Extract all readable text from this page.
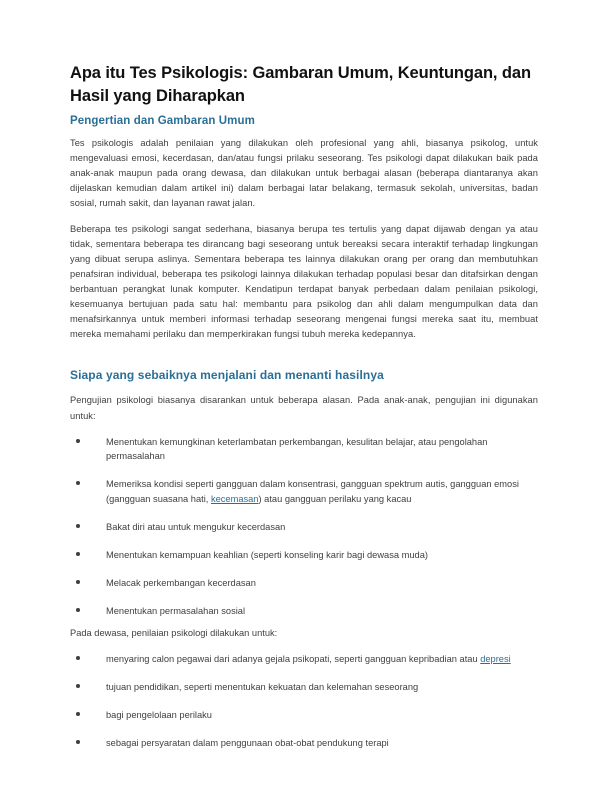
Apa itu Tes Psikologis: Gambaran Umum, Keuntungan, dan Hasil yang Diharapkan
Pengertian dan Gambaran Umum

Tes psikologis adalah penilaian yang dilakukan oleh profesional yang ahli, biasanya psikolog, untuk mengevaluasi emosi, kecerdasan, dan/atau fungsi prilaku seseorang. Tes psikologi dapat dilakukan baik pada anak-anak maupun pada orang dewasa, dan dilakukan untuk berbagai alasan (beberapa diantaranya akan dijelaskan kemudian dalam artikel ini) dalam berbagai latar belakang, termasuk sekolah, universitas, badan sosial, rumah sakit, dan layanan rawat jalan.

Beberapa tes psikologi sangat sederhana, biasanya berupa tes tertulis yang dapat dijawab dengan ya atau tidak, sementara beberapa tes dirancang bagi seseorang untuk bereaksi secara interaktif terhadap lingkungan yang dibuat serupa aslinya. Sementara beberapa tes lainnya dilakukan orang per orang dan membutuhkan penafsiran individual, beberapa tes psikologi lainnya dilakukan terhadap populasi besar dan ditafsirkan dengan berbantuan perangkat lunak komputer. Kendatipun terdapat banyak perbedaan dalam penilaian psikologi, kesemuanya bertujuan pada satu hal: membantu para psikolog dan ahli dalam mengumpulkan data dan menafsirkannya untuk memberi informasi terhadap seseorang mengenai fungsi mereka saat itu, membuat mereka memahami perilaku dan memperkirakan fungsi tubuh mereka kedepannya.

Siapa yang sebaiknya menjalani dan menanti hasilnya

Pengujian psikologi biasanya disarankan untuk beberapa alasan. Pada anak-anak, pengujian ini digunakan untuk:

Menentukan kemungkinan keterlambatan perkembangan, kesulitan belajar, atau pengolahan permasalahan
Memeriksa kondisi seperti gangguan dalam konsentrasi, gangguan spektrum autis, gangguan emosi (gangguan suasana hati, kecemasan) atau gangguan perilaku yang kacau
Bakat diri atau untuk mengukur kecerdasan
Menentukan kemampuan keahlian (seperti konseling karir bagi dewasa muda)
Melacak perkembangan kecerdasan
Menentukan permasalahan sosial

Pada dewasa, penilaian psikologi dilakukan untuk:

menyaring calon pegawai dari adanya gejala psikopati, seperti gangguan kepribadian atau depresi
tujuan pendidikan, seperti menentukan kekuatan dan kelemahan seseorang
bagi pengelolaan perilaku
sebagai persyaratan dalam penggunaan obat-obat pendukung terapi
